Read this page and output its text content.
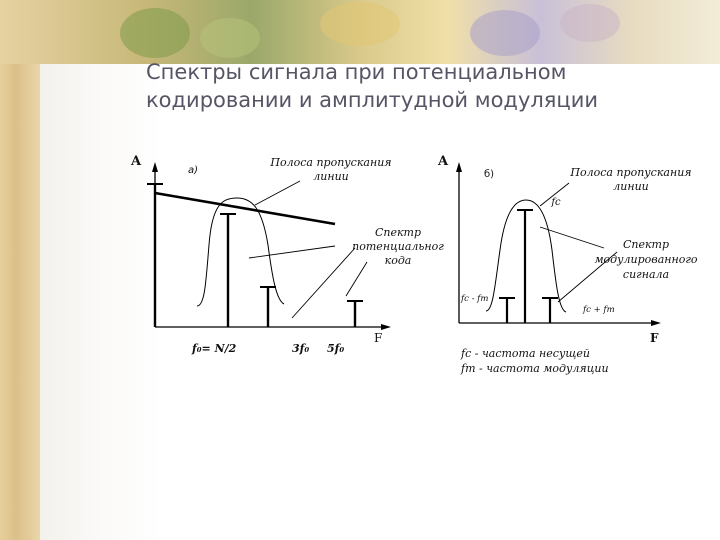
Спектры сигнала при потенциальном кодировании и амплитудной модуляции
A
F
а)
Полоса пропускания
линии
Спектр
потенциальног
кода
f₀= N/2	3f₀ 5f₀
A
F
б)	Полоса пропускания
линии
fc
Спектр
модулированного
сигнала
fc - fm
fc + fm
fc - частота несущей
fm - частота модуляции
